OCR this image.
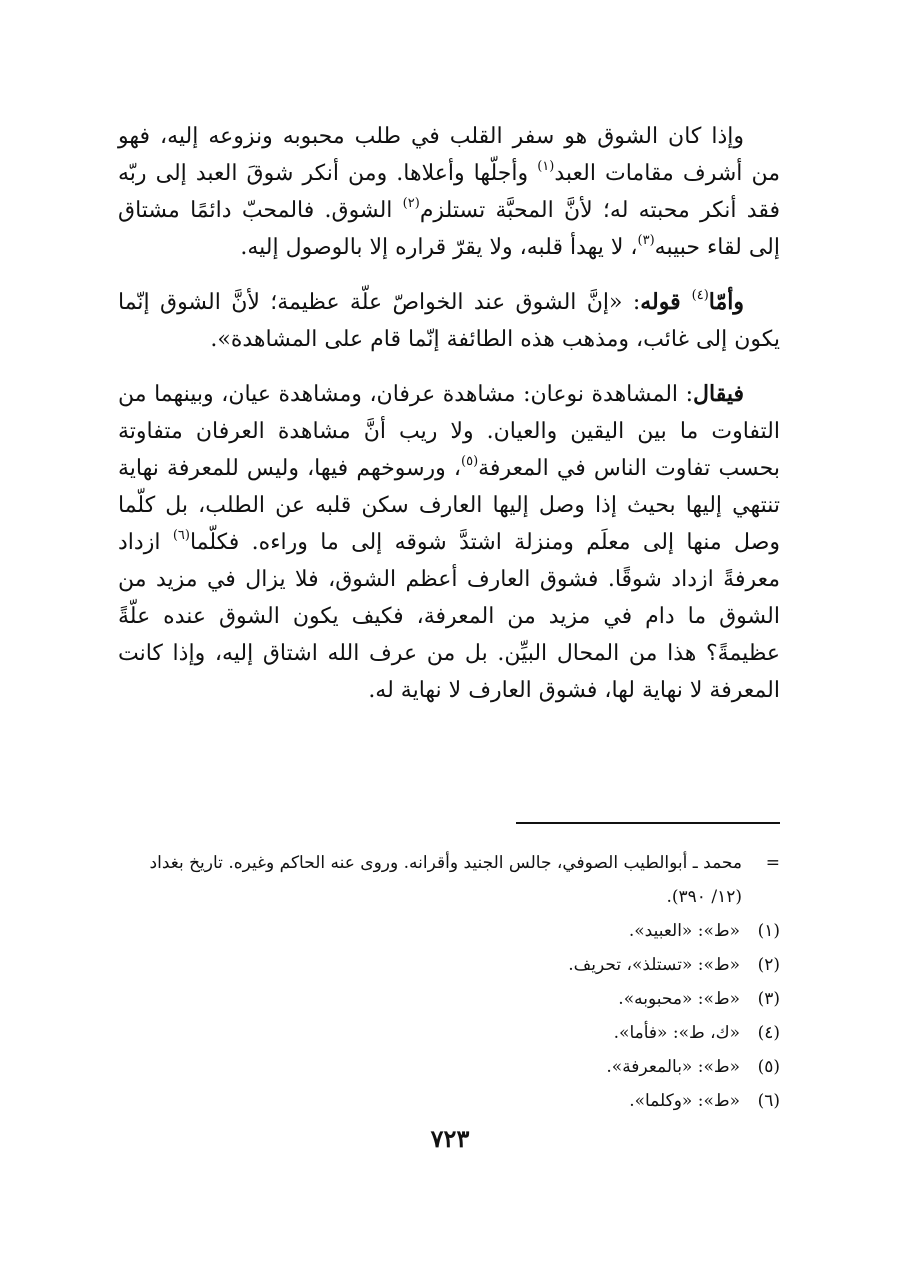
وإذا كان الشوق هو سفر القلب في طلب محبوبه ونزوعه إليه، فهو من أشرف مقامات العبد$^{(١)}$ وأجلّها وأعلاها. ومن أنكر شوقَ العبد إلى ربّه فقد أنكر محبته له؛ لأنَّ المحبَّة تستلزم$^{(٢)}$ الشوق. فالمحبّ دائمًا مشتاق إلى لقاء حبيبه$^{(٣)}$، لا يهدأ قلبه، ولا يقرّ قراره إلا بالوصول إليه.

وأمّا$^{(٤)}$ قوله: «إنَّ الشوق عند الخواصّ علّة عظيمة؛ لأنَّ الشوق إنّما يكون إلى غائب، ومذهب هذه الطائفة إنّما قام على المشاهدة».

فيقال: المشاهدة نوعان: مشاهدة عرفان، ومشاهدة عيان، وبينهما من التفاوت ما بين اليقين والعيان. ولا ريب أنَّ مشاهدة العرفان متفاوتة بحسب تفاوت الناس في المعرفة$^{(٥)}$، ورسوخهم فيها، وليس للمعرفة نهاية تنتهي إليها بحيث إذا وصل إليها العارف سكن قلبه عن الطلب، بل كلّما وصل منها إلى معلَم ومنزلة اشتدَّ شوقه إلى ما وراءه. فكلّما$^{(٦)}$ ازداد معرفةً ازداد شوقًا. فشوق العارف أعظم الشوق، فلا يزال في مزيد من الشوق ما دام في مزيد من المعرفة، فكيف يكون الشوق عنده علّةً عظيمةً؟ هذا من المحال البيِّن. بل من عرف الله اشتاق إليه، وإذا كانت المعرفة لا نهاية لها، فشوق العارف لا نهاية له.

=
محمد ـ أبوالطيب الصوفي، جالس الجنيد وأقرانه. وروى عنه الحاكم وغيره. تاريخ بغداد (١٢/ ٣٩٠).
(١)
«ط»: «العبيد».
(٢)
«ط»: «تستلذ»، تحريف.
(٣)
«ط»: «محبوبه».
(٤)
«ك، ط»: «فأما».
(٥)
«ط»: «بالمعرفة».
(٦)
«ط»: «وكلما».
٧٢٣
